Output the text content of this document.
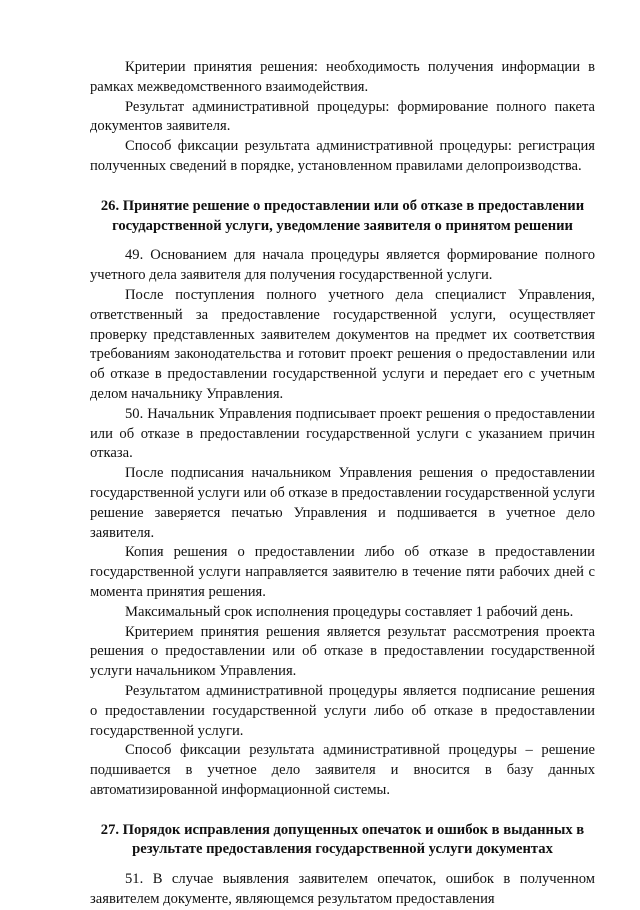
Критерии принятия решения: необходимость получения информации в рамках межведомственного взаимодействия.

Результат административной процедуры: формирование полного пакета документов заявителя.

Способ фиксации результата административной процедуры: регистрация полученных сведений в порядке, установленном правилами делопроизводства.

26. Принятие решение о предоставлении или об отказе в предоставлении государственной услуги, уведомление заявителя о принятом решении

49. Основанием для начала процедуры является формирование полного учетного дела заявителя для получения государственной услуги.

После поступления полного учетного дела специалист Управления, ответственный за предоставление государственной услуги, осуществляет проверку представленных заявителем документов на предмет их соответствия требованиям законодательства и готовит проект решения о предоставлении или об отказе в предоставлении государственной услуги и передает его с учетным делом начальнику Управления.

50. Начальник Управления подписывает проект решения о предоставлении или об отказе в предоставлении государственной услуги с указанием причин отказа.

После подписания начальником Управления решения о предоставлении государственной услуги или об отказе в предоставлении государственной услуги решение заверяется печатью Управления и подшивается в учетное дело заявителя.

Копия решения о предоставлении либо об отказе в предоставлении государственной услуги направляется заявителю в течение пяти рабочих дней с момента принятия решения.

Максимальный срок исполнения процедуры составляет 1 рабочий день.

Критерием принятия решения является результат рассмотрения проекта решения о предоставлении или об отказе в предоставлении государственной услуги начальником Управления.

Результатом административной процедуры является подписание решения о предоставлении государственной услуги либо об отказе в предоставлении государственной услуги.

Способ фиксации результата административной процедуры – решение подшивается в учетное дело заявителя и вносится в базу данных автоматизированной информационной системы.

27. Порядок исправления допущенных опечаток и ошибок в выданных в результате предоставления государственной услуги документах

51. В случае выявления заявителем опечаток, ошибок в полученном заявителем документе, являющемся результатом предоставления
